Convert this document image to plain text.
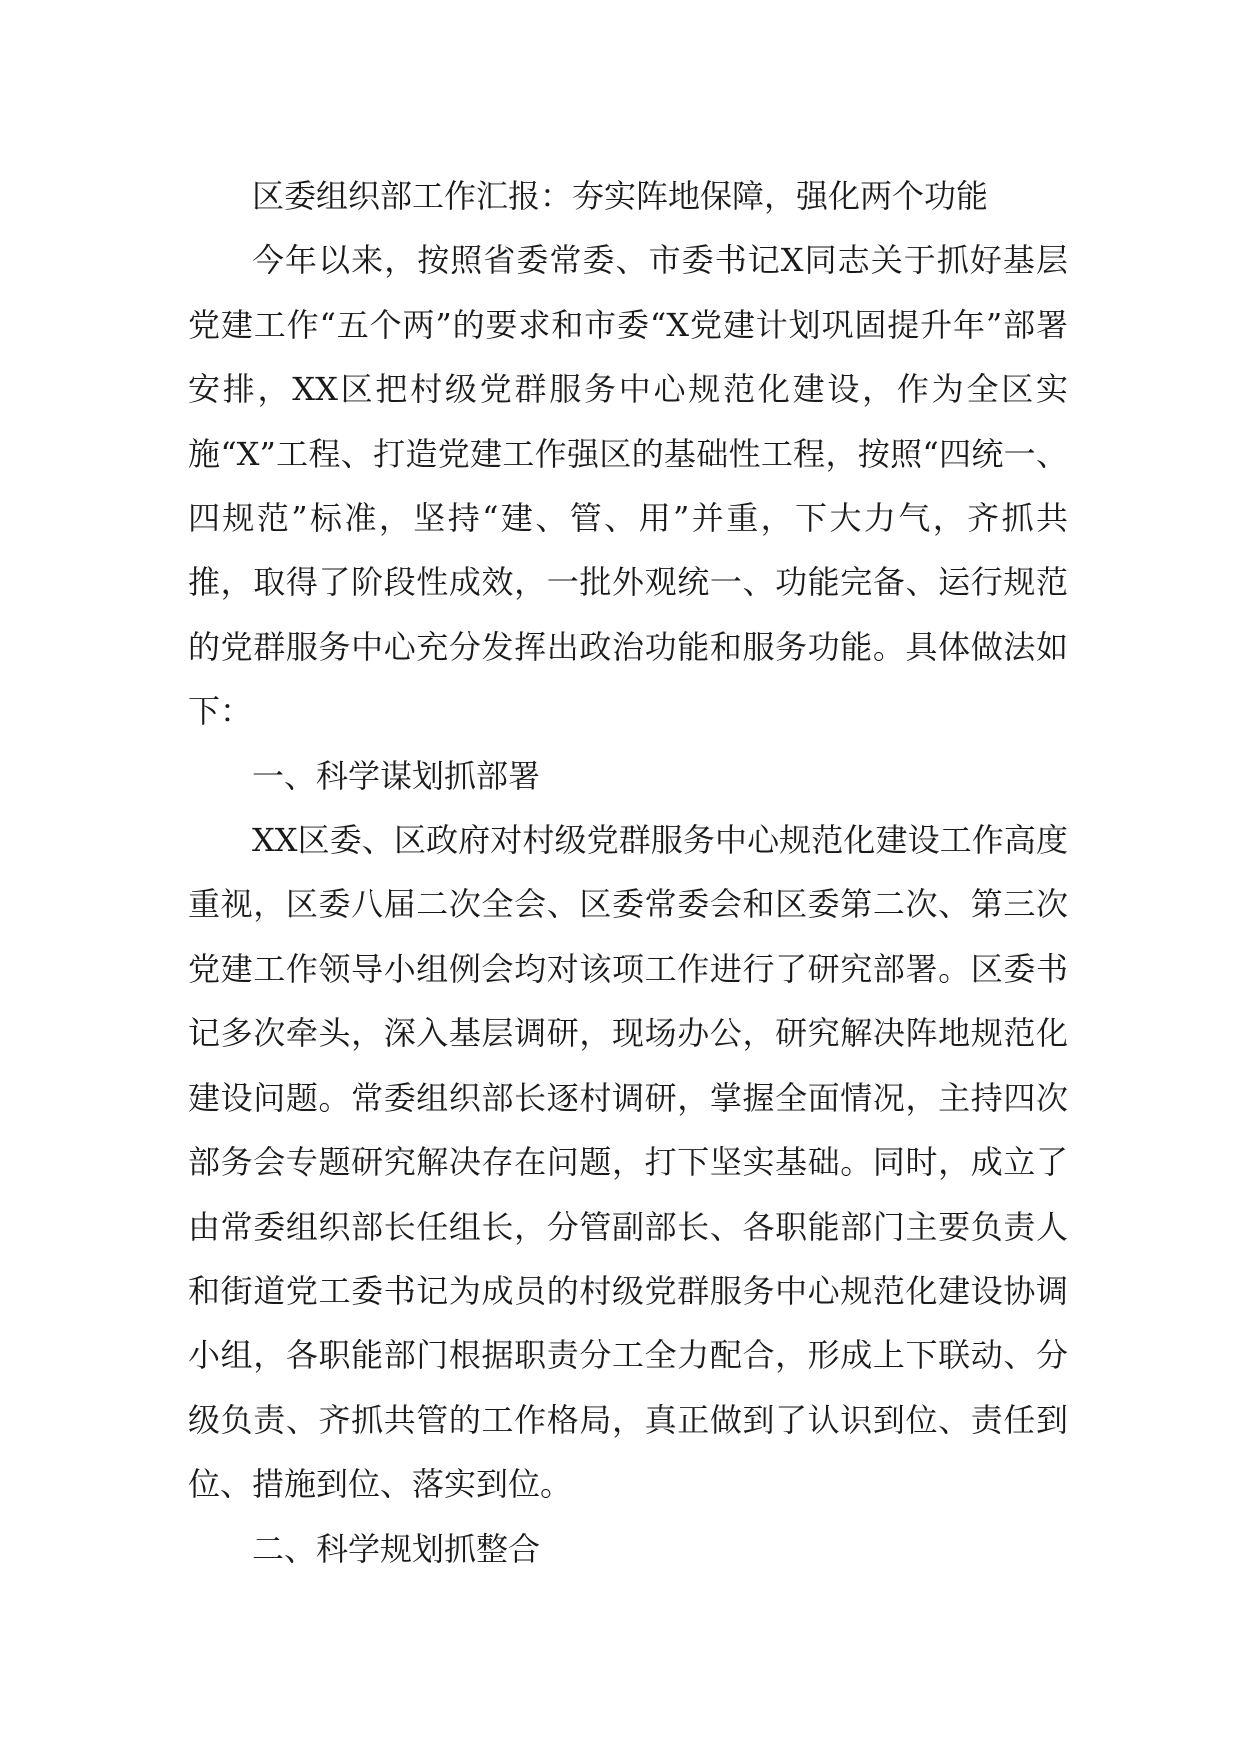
区委组织部工作汇报：夯实阵地保障，强化两个功能

今年以来，按照省委常委、市委书记X同志关于抓好基层党建工作“五个两”的要求和市委“X党建计划巩固提升年”部署安排，XX区把村级党群服务中心规范化建设，作为全区实施“X”工程、打造党建工作强区的基础性工程，按照“四统一、四规范”标准，坚持“建、管、用”并重，下大力气，齐抓共推，取得了阶段性成效，一批外观统一、功能完备、运行规范的党群服务中心充分发挥出政治功能和服务功能。具体做法如下：

一、科学谋划抓部署

XX区委、区政府对村级党群服务中心规范化建设工作高度重视，区委八届二次全会、区委常委会和区委第二次、第三次党建工作领导小组例会均对该项工作进行了研究部署。区委书记多次牵头，深入基层调研，现场办公，研究解决阵地规范化建设问题。常委组织部长逐村调研，掌握全面情况，主持四次部务会专题研究解决存在问题，打下坚实基础。同时，成立了由常委组织部长任组长，分管副部长、各职能部门主要负责人和街道党工委书记为成员的村级党群服务中心规范化建设协调小组，各职能部门根据职责分工全力配合，形成上下联动、分级负责、齐抓共管的工作格局，真正做到了认识到位、责任到位、措施到位、落实到位。

二、科学规划抓整合
